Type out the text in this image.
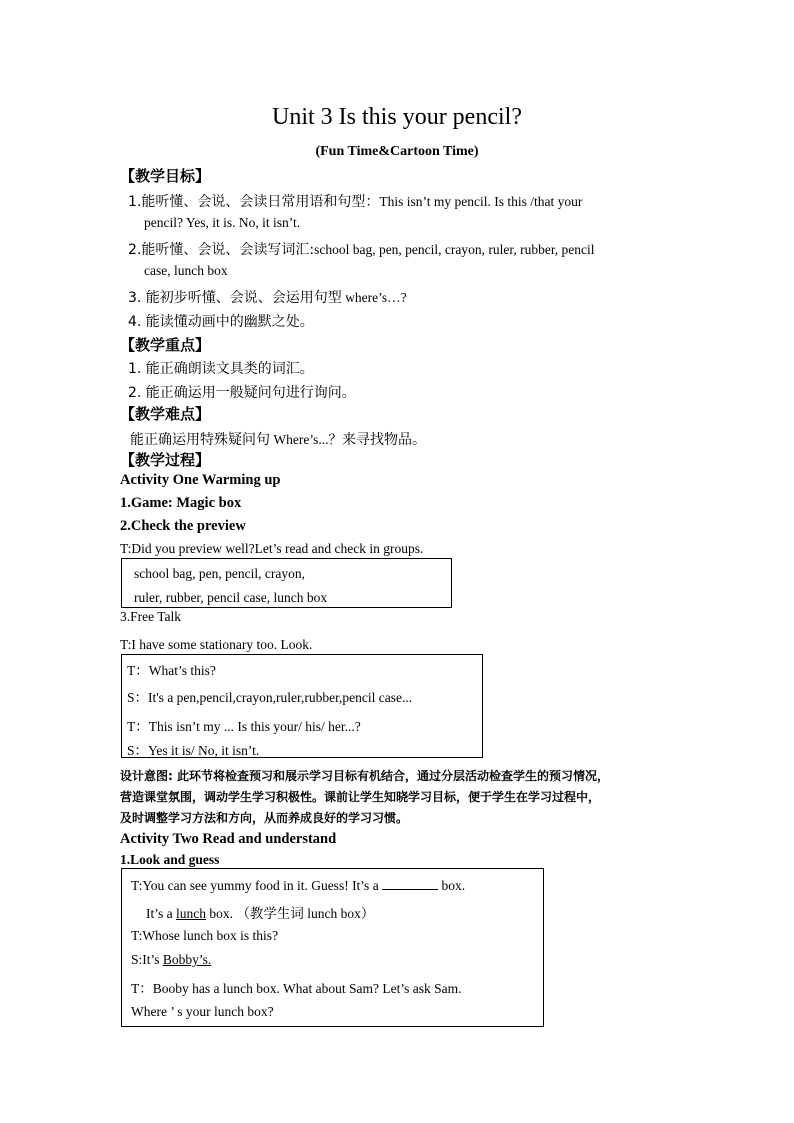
Unit 3 Is this your pencil?
(Fun Time&Cartoon Time)
【教学目标】
1.能听懂、会说、会读日常用语和句型：This isn’t my pencil. Is this /that your
pencil? Yes, it is. No, it isn’t.
2.能听懂、会说、会读写词汇:school bag, pen, pencil, crayon, ruler, rubber, pencil
case, lunch box
3. 能初步听懂、会说、会运用句型 where’s…?
4. 能读懂动画中的幽默之处。
【教学重点】
1. 能正确朗读文具类的词汇。
2. 能正确运用一般疑问句进行询问。
【教学难点】
能正确运用特殊疑问句 Where’s...？来寻找物品。
【教学过程】
Activity One Warming up
1.Game: Magic box
2.Check the preview
T:Did you preview well?Let’s read and check in groups.
school bag, pen, pencil, crayon,
ruler, rubber, pencil case, lunch box
3.Free Talk
T:I have some stationary too. Look.
T：What’s this?
S：It's a pen,pencil,crayon,ruler,rubber,pencil case...
T：This isn’t my ... Is this your/ his/ her...?
S：Yes it is/ No, it isn’t.
设计意图: 此环节将检查预习和展示学习目标有机结合，通过分层活动检查学生的预习情况，
营造课堂氛围，调动学生学习积极性。课前让学生知晓学习目标，便于学生在学习过程中，
及时调整学习方法和方向，从而养成良好的学习习惯。
Activity Two Read and understand
1.Look and guess
T:You can see yummy food in it. Guess! It’s a	box.
It’s a lunch box. （教学生词 lunch box）
T:Whose lunch box is this?
S:It’s Bobby’s.
T：Booby has a lunch box. What about Sam? Let’s ask Sam.
Where ’ s your lunch box?
